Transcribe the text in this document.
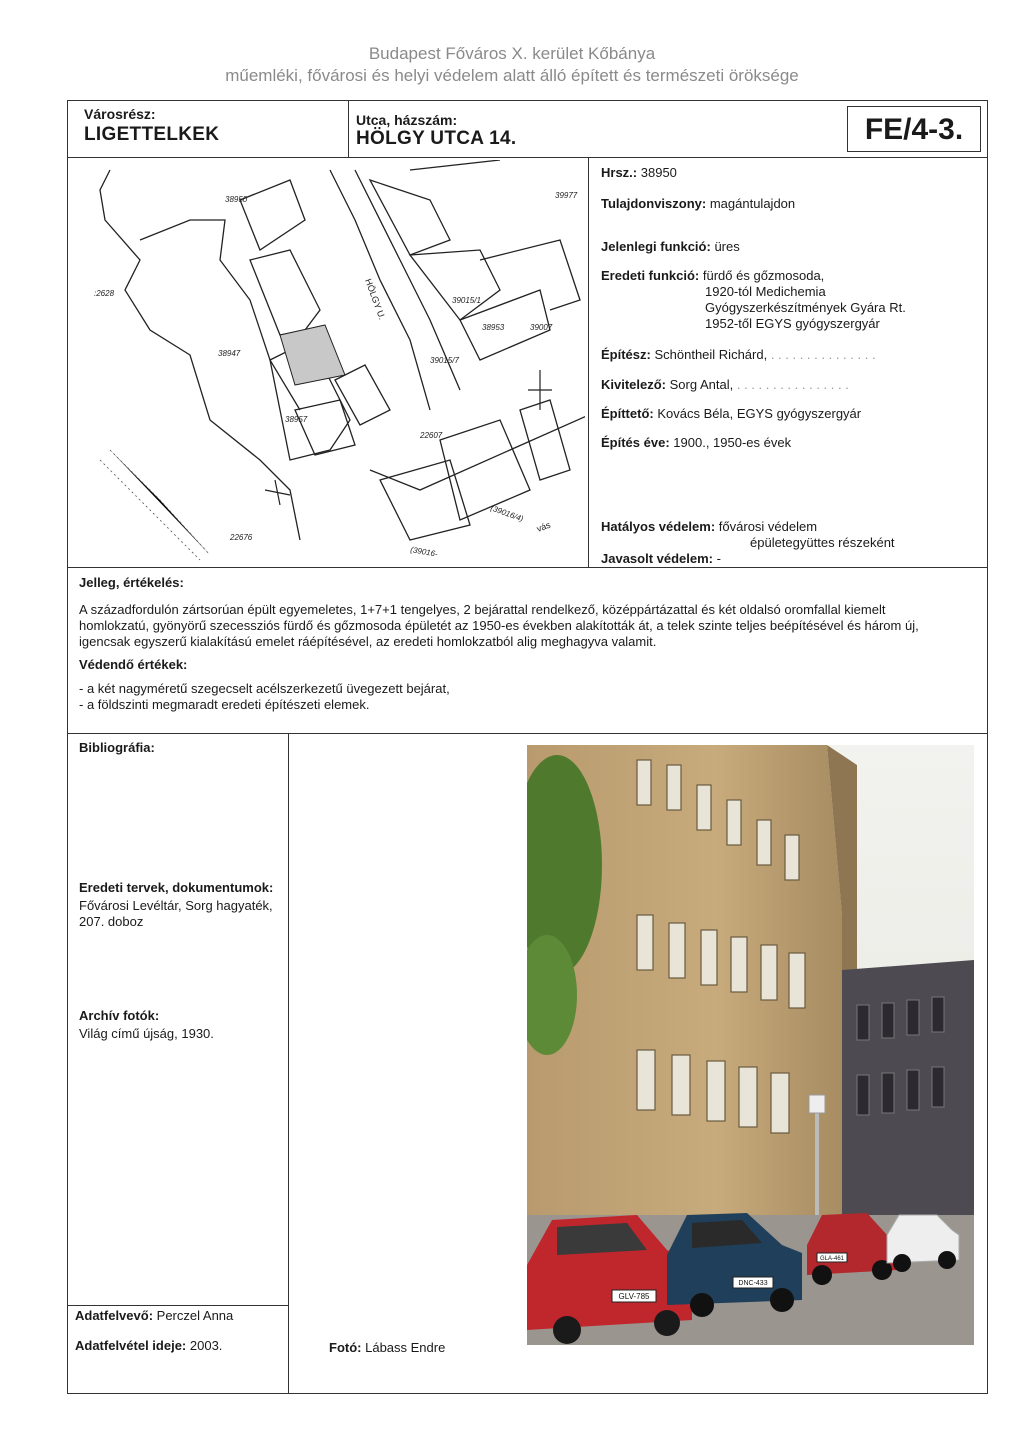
Budapest Főváros X. kerület Kőbánya
műemléki, fővárosi és helyi védelem alatt álló épített és természeti öröksége
Városrész:
LIGETTELKEK
Utca, házszám:
HÖLGY UTCA 14.	FE/4-3.
:2628
38950
38947
39015/1
38953	39007
(39016/4)
22607
38957
39015/7
22676
(39016-
39977
HÖLGY U.
vás
Hrsz.: 38950
Tulajdonviszony: magántulajdon
Jelenlegi funkció: üres
Eredeti funkció: fürdő és gőzmosoda,
1920-tól Medichemia
Gyógyszerkészítmények Gyára Rt.
1952-től EGYS gyógyszergyár
Építész: Schöntheil Richárd, . . . . . . . . . . . . . . .
Kivitelező: Sorg Antal, . . . . . . . . . . . . . . . .
Építtető: Kovács Béla, EGYS gyógyszergyár
Építés éve: 1900., 1950-es évek
Hatályos védelem: fővárosi védelem
épületegyüttes részeként
Javasolt védelem: -
Jelleg, értékelés:
A századfordulón zártsorúan épült egyemeletes, 1+7+1 tengelyes, 2 bejárattal rendelkező, középpártázattal és két oldalsó oromfallal kiemelt
homlokzatú, gyönyörű szecessziós fürdő és gőzmosoda épületét az 1950-es években alakították át, a telek szinte teljes beépítésével és három új,
igencsak egyszerű kialakítású emelet ráépítésével, az eredeti homlokzatból alig meghagyva valamit.
Védendő értékek:
- a két nagyméretű szegecselt acélszerkezetű üvegezett bejárat,
- a földszinti megmaradt eredeti építészeti elemek.
Bibliográfia:
Eredeti tervek, dokumentumok:
Fővárosi Levéltár, Sorg hagyaték,
207. doboz
Archív fotók:
Világ című újság, 1930.
Adatfelvevő: Perczel Anna
Adatfelvétel ideje: 2003.	Fotó: Lábass Endre
GLV-785
DNC-433
GLA-461
